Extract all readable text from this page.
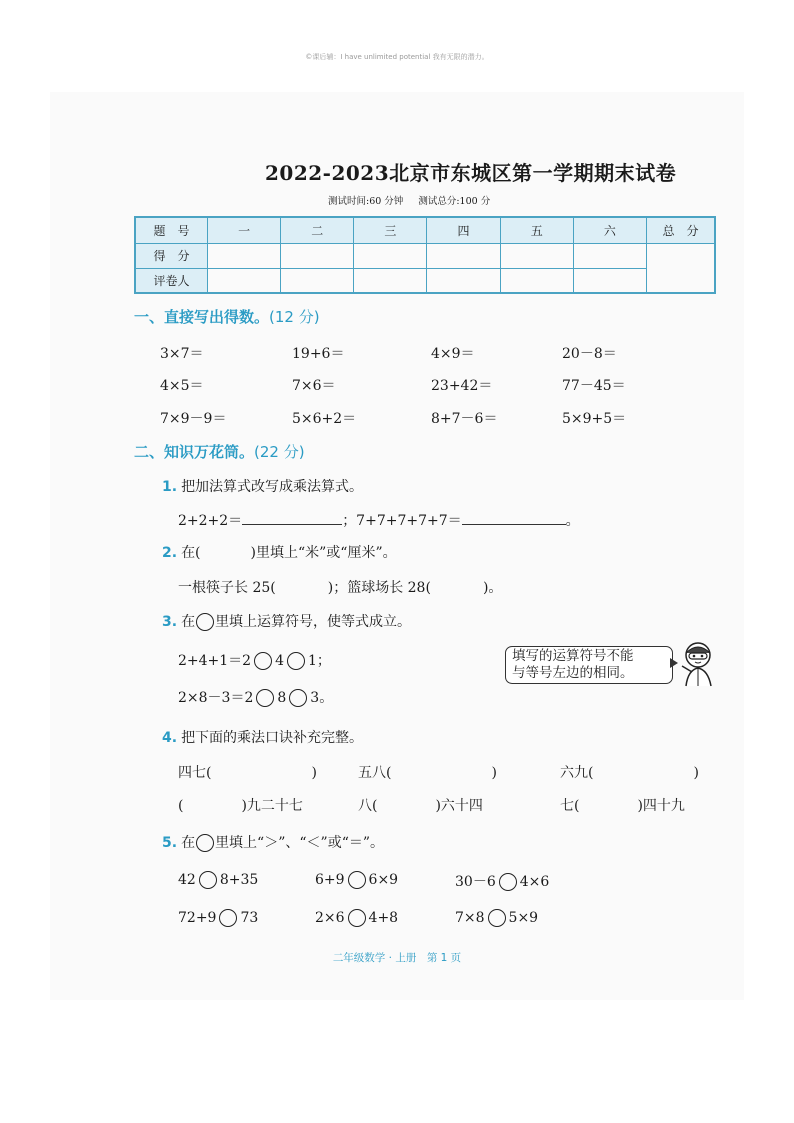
©课后辅：I have unlimited potential 我有无限的潜力。
2022-2023北京市东城区第一学期期末试卷
测试时间:60 分钟 测试总分:100 分
题　号	一	二	三	四	五	六	总　分
得　分							
评卷人							
一、直接写出得数。(12 分)
3×7＝	19+6＝	4×9＝	20－8＝
4×5＝	7×6＝	23+42＝	77－45＝
7×9－9＝	5×6+2＝	8+7－6＝	5×9+5＝
二、知识万花筒。(22 分)
1. 把加法算式改写成乘法算式。
2+2+2＝	；7+7+7+7+7＝	。
2. 在(	)里填上“米”或“厘米”。
一根筷子长 25(	)；篮球场长 28(	)。
3. 在 里填上运算符号，使等式成立。
2+4+1＝2 4 1；
2×8－3＝2 8 3。
填写的运算符号不能
与等号左边的相同。
4. 把下面的乘法口诀补充完整。
四七(	)	五八(	)	六九(	)
(	)九二十七	八(	)六十四	七(	)四十九
5. 在 里填上“＞”、“＜”或“＝”。
42 8+35	6+9 6×9	30－6 4×6
72+9 73	2×6 4+8	7×8 5×9
二年级数学 · 上册　第 1 页
